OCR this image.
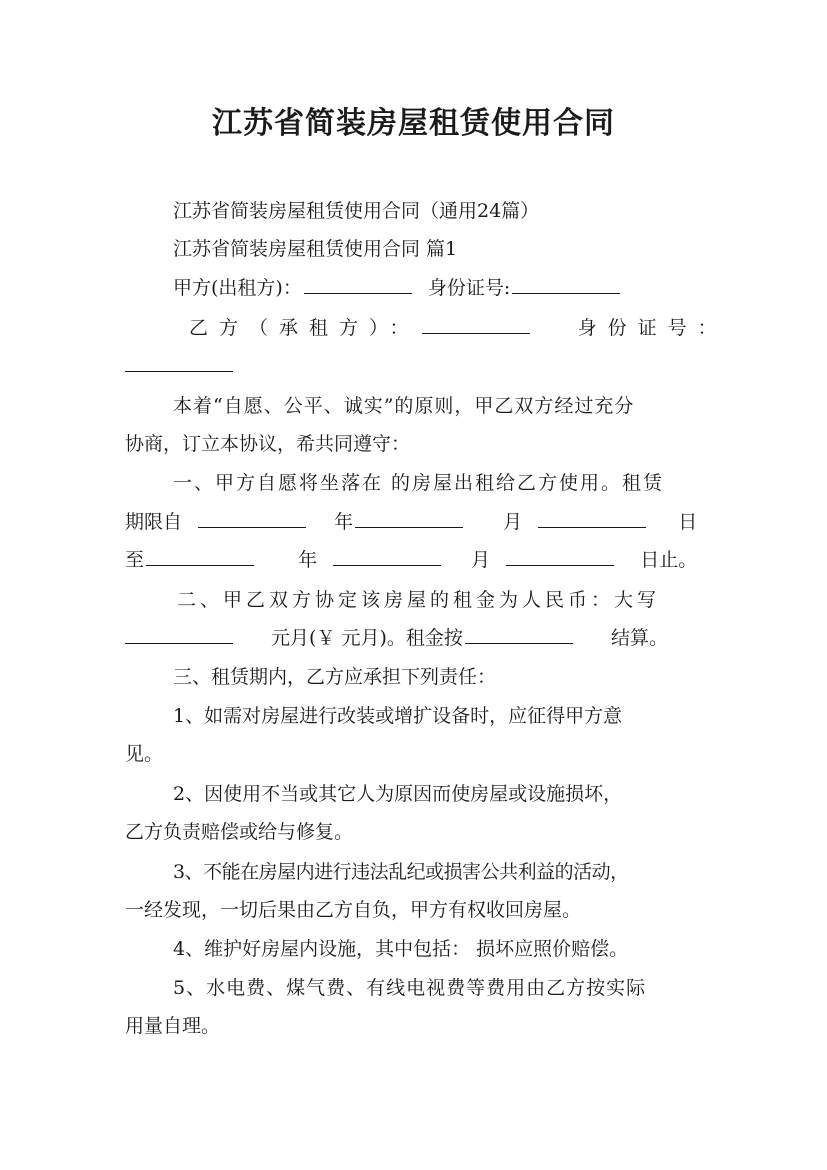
江苏省简装房屋租赁使用合同
江苏省简装房屋租赁使用合同（通用24篇）
江苏省简装房屋租赁使用合同 篇1
甲方(出租方)：	身份证号:
乙方（承租方）：	身份证号：
本着“自愿、公平、诚实”的原则，甲乙双方经过充分
协商，订立本协议，希共同遵守：
一、甲方自愿将坐落在 的房屋出租给乙方使用。租赁
期限自	年	月	日
至	年	月	日止。
二、甲乙双方协定该房屋的租金为人民币：大写
元月(￥ 元月)。租金按	结算。
三、租赁期内，乙方应承担下列责任：
1、如需对房屋进行改装或增扩设备时，应征得甲方意
见。
2、因使用不当或其它人为原因而使房屋或设施损坏，
乙方负责赔偿或给与修复。
3、不能在房屋内进行违法乱纪或损害公共利益的活动，
一经发现，一切后果由乙方自负，甲方有权收回房屋。
4、维护好房屋内设施，其中包括： 损坏应照价赔偿。
5、水电费、煤气费、有线电视费等费用由乙方按实际
用量自理。
